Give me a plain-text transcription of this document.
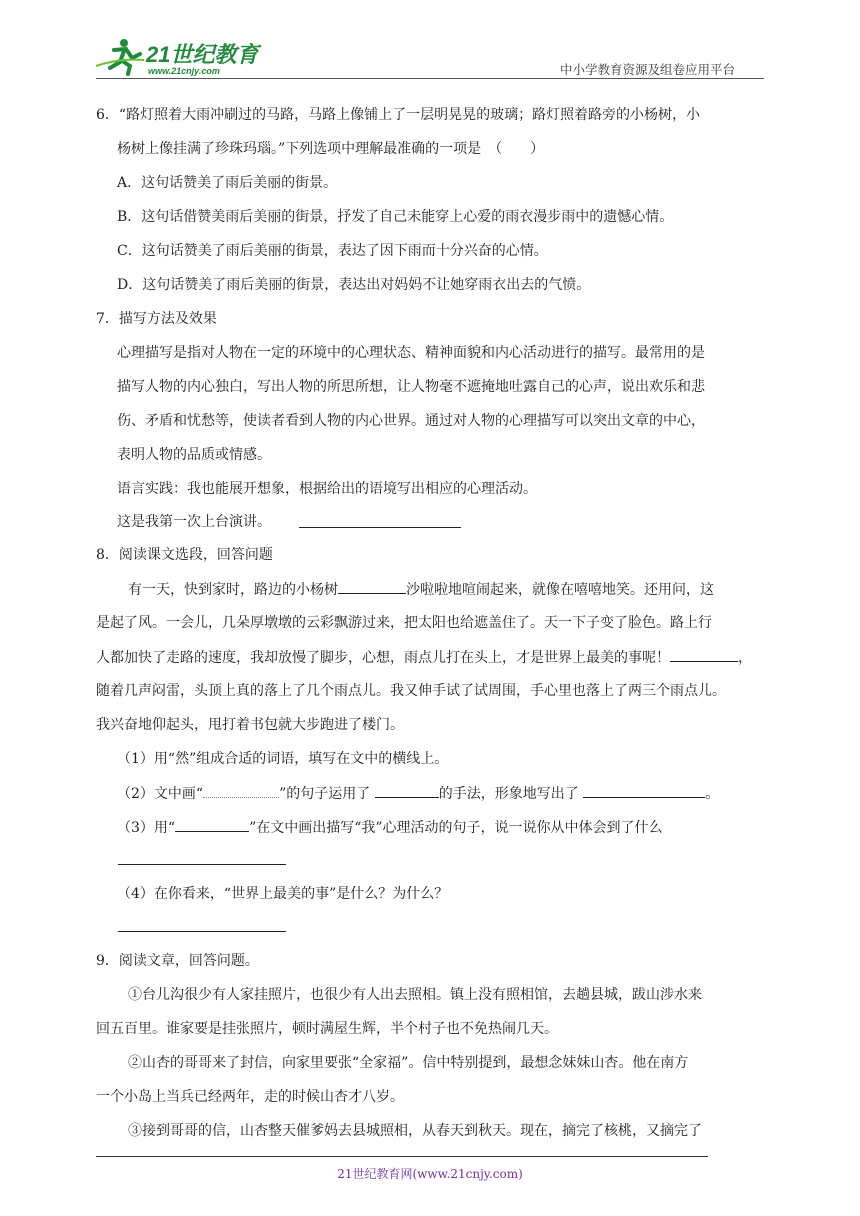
21世纪教育
www.21cnjy.com	中小学教育资源及组卷应用平台
6．“路灯照着大雨冲刷过的马路，马路上像铺上了一层明晃晃的玻璃；路灯照着路旁的小杨树，小
杨树上像挂满了珍珠玛瑙。”下列选项中理解最准确的一项是　（　　）
A．这句话赞美了雨后美丽的街景。
B．这句话借赞美雨后美丽的街景，抒发了自己未能穿上心爱的雨衣漫步雨中的遗憾心情。
C．这句话赞美了雨后美丽的街景，表达了因下雨而十分兴奋的心情。
D．这句话赞美了雨后美丽的街景，表达出对妈妈不让她穿雨衣出去的气愤。
7．描写方法及效果
心理描写是指对人物在一定的环境中的心理状态、精神面貌和内心活动进行的描写。最常用的是
描写人物的内心独白，写出人物的所思所想，让人物毫不遮掩地吐露自己的心声，说出欢乐和悲
伤、矛盾和忧愁等，使读者看到人物的内心世界。通过对人物的心理描写可以突出文章的中心，
表明人物的品质或情感。
语言实践：我也能展开想象，根据给出的语境写出相应的心理活动。
这是我第一次上台演讲。
8．阅读课文选段，回答问题
有一天，快到家时，路边的小杨树	沙啦啦地喧闹起来，就像在嘻嘻地笑。还用问，这
是起了风。一会儿，几朵厚墩墩的云彩飘游过来，把太阳也给遮盖住了。天一下子变了脸色。路上行
人都加快了走路的速度，我却放慢了脚步，心想，雨点儿打在头上，才是世界上最美的事呢！	，
随着几声闷雷，头顶上真的落上了几个雨点儿。我又伸手试了试周围，手心里也落上了两三个雨点儿。
我兴奋地仰起头，甩打着书包就大步跑进了楼门。
（1）用“然”组成合适的词语，填写在文中的横线上。
（2）文中画“	”的句子运用了	的手法，形象地写出了	。
（3）用“	”在文中画出描写“我”心理活动的句子，说一说你从中体会到了什么
（4）在你看来，“世界上最美的事”是什么？为什么？
9．阅读文章，回答问题。
①台儿沟很少有人家挂照片，也很少有人出去照相。镇上没有照相馆，去趟县城，跋山涉水来
回五百里。谁家要是挂张照片，顿时满屋生辉，半个村子也不免热闹几天。
②山杏的哥哥来了封信，向家里要张“全家福”。信中特别提到，最想念妹妹山杏。他在南方
一个小岛上当兵已经两年，走的时候山杏才八岁。
③接到哥哥的信，山杏整天催爹妈去县城照相，从春天到秋天。现在，摘完了核桃，又摘完了
21世纪教育网(www.21cnjy.com)
